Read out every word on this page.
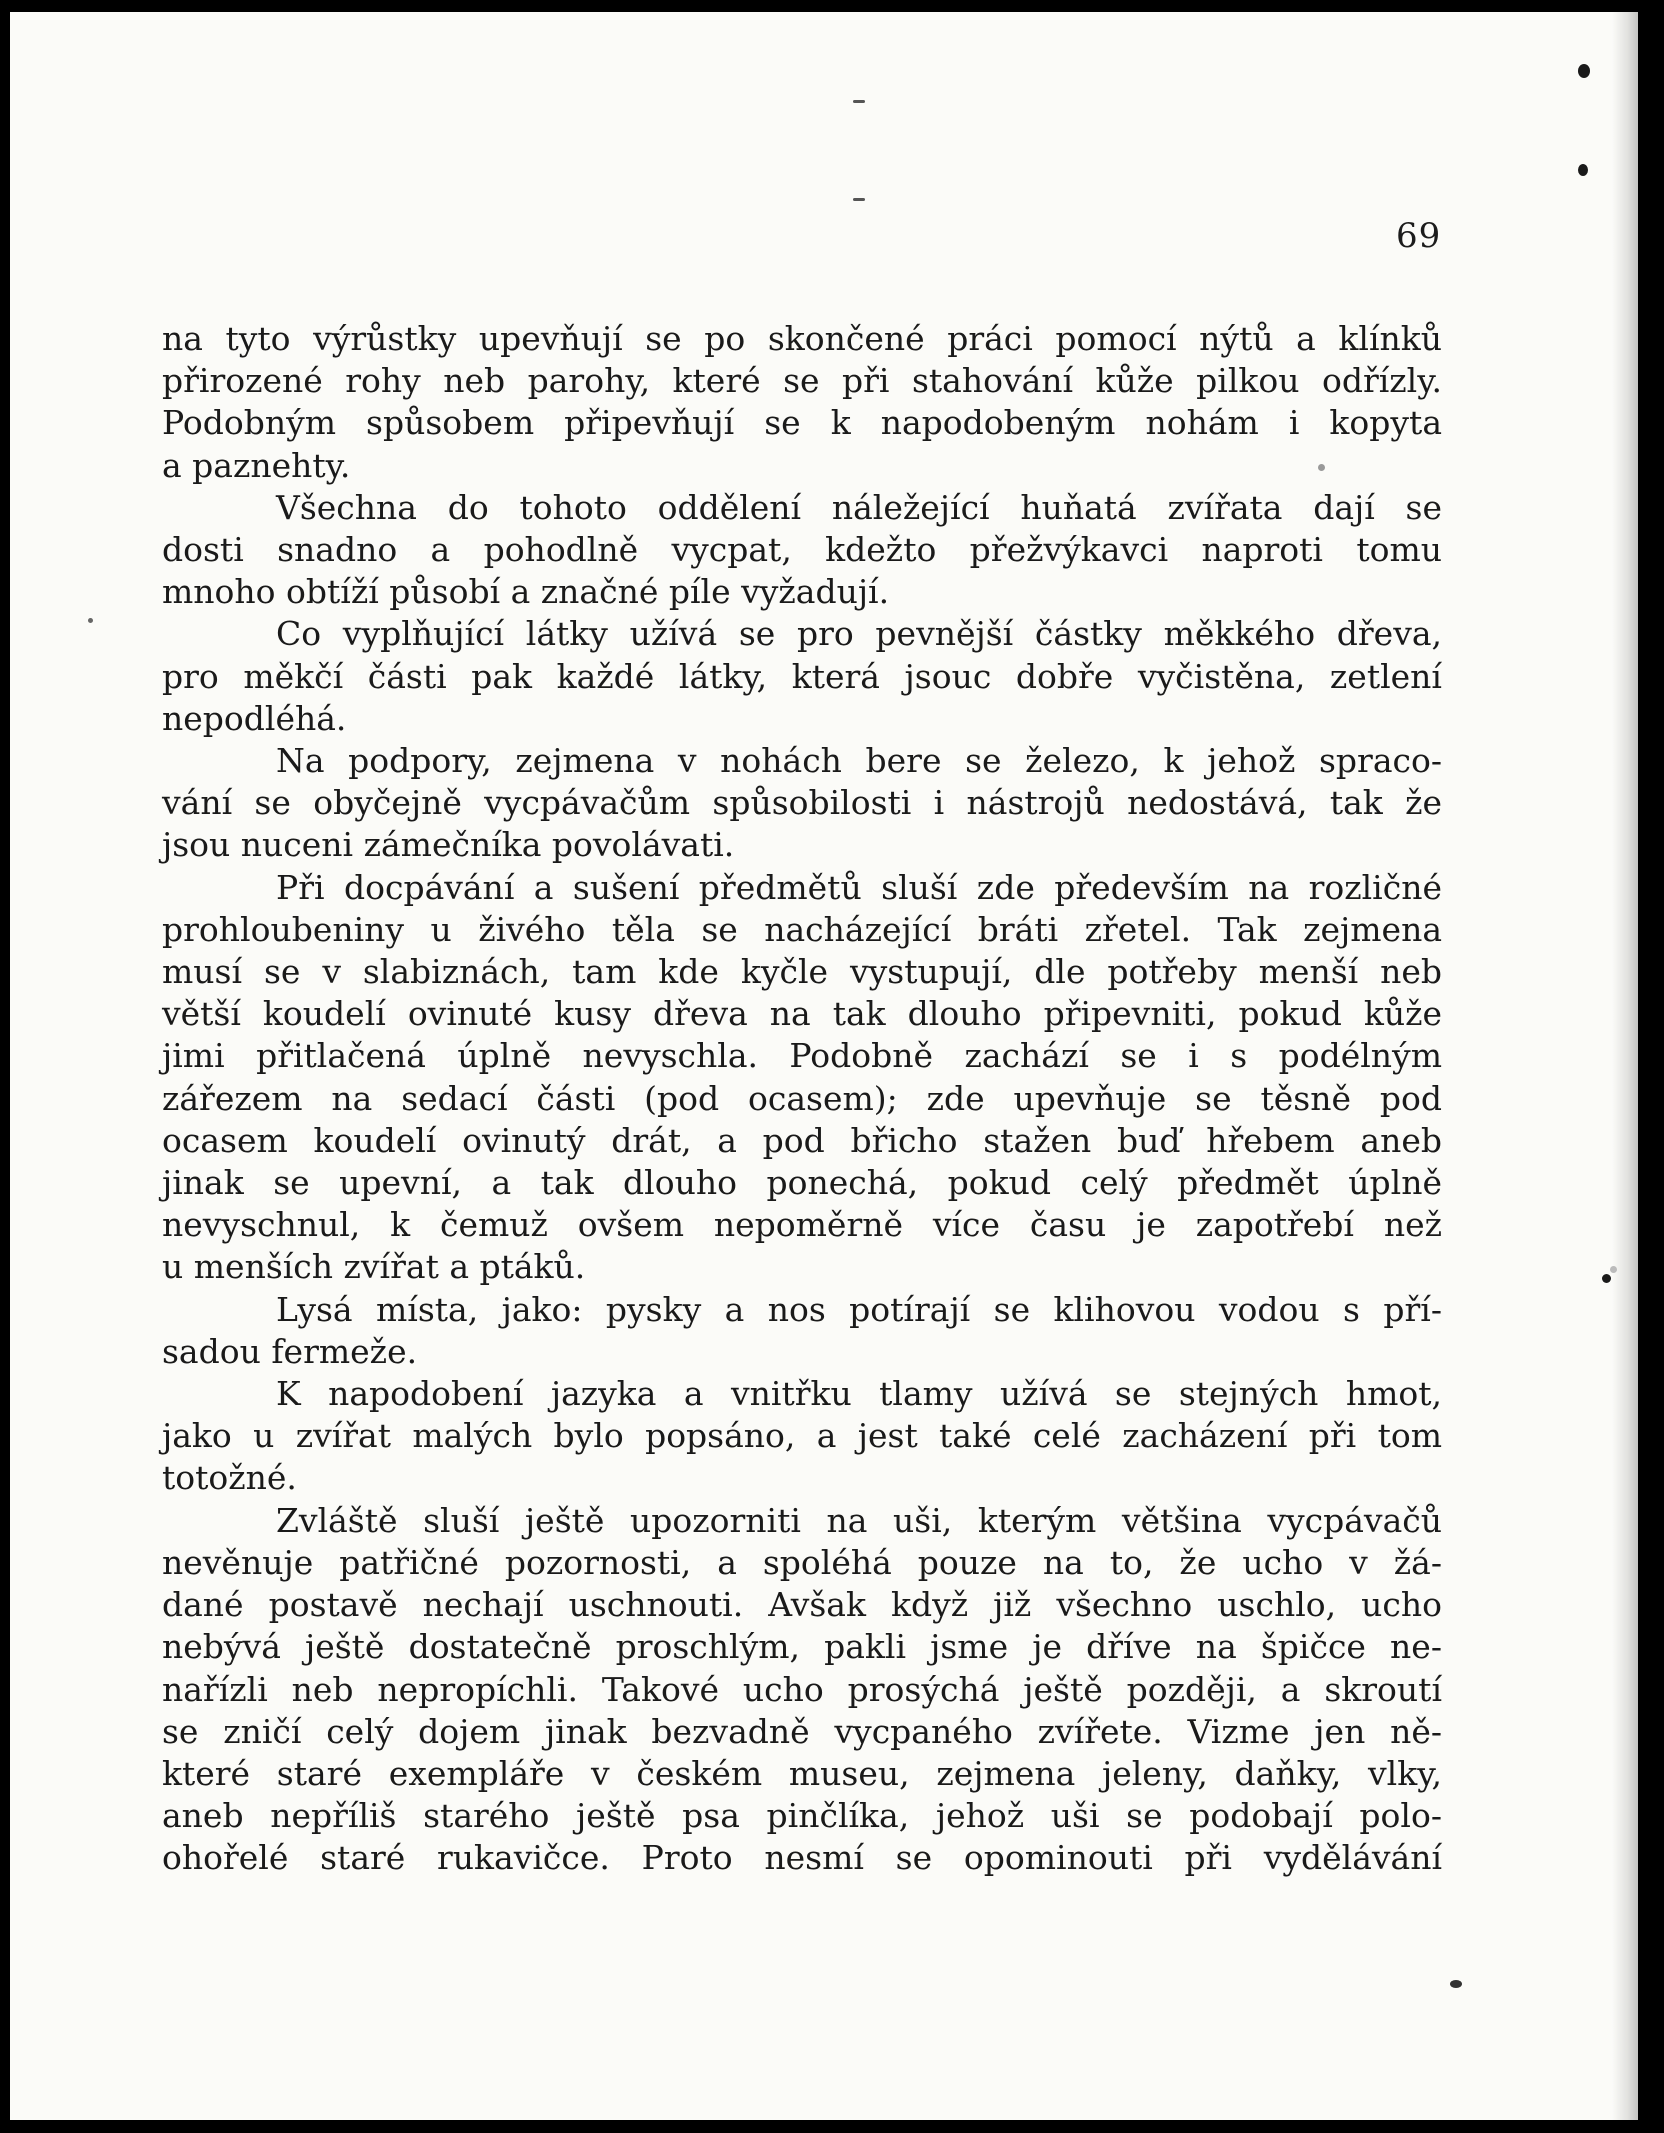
69
na tyto výrůstky upevňují se po skončené práci pomocí nýtů a klínků
přirozené rohy neb parohy, které se při stahování kůže pilkou odřízly.
Podobným spůsobem připevňují se k napodobeným nohám i kopyta
a paznehty.
Všechna do tohoto oddělení náležející huňatá zvířata dají se
dosti snadno a pohodlně vycpat, kdežto přežvýkavci naproti tomu
mnoho obtíží působí a značné píle vyžadují.
Co vyplňující látky užívá se pro pevnější částky měkkého dřeva,
pro měkčí části pak každé látky, která jsouc dobře vyčistěna, zetlení
nepodléhá.
Na podpory, zejmena v nohách bere se železo, k jehož spraco-
vání se obyčejně vycpávačům spůsobilosti i nástrojů nedostává, tak že
jsou nuceni zámečníka povolávati.
Při docpávání a sušení předmětů sluší zde především na rozličné
prohloubeniny u živého těla se nacházející bráti zřetel. Tak zejmena
musí se v slabiznách, tam kde kyčle vystupují, dle potřeby menší neb
větší koudelí ovinuté kusy dřeva na tak dlouho připevniti, pokud kůže
jimi přitlačená úplně nevyschla. Podobně zachází se i s podélným
zářezem na sedací části (pod ocasem); zde upevňuje se těsně pod
ocasem koudelí ovinutý drát, a pod břicho stažen buď hřebem aneb
jinak se upevní, a tak dlouho ponechá, pokud celý předmět úplně
nevyschnul, k čemuž ovšem nepoměrně více času je zapotřebí než
u menších zvířat a ptáků.
Lysá místa, jako: pysky a nos potírají se klihovou vodou s pří-
sadou fermeže.
K napodobení jazyka a vnitřku tlamy užívá se stejných hmot,
jako u zvířat malých bylo popsáno, a jest také celé zacházení při tom
totožné.
Zvláště sluší ještě upozorniti na uši, kterým většina vycpávačů
nevěnuje patřičné pozornosti, a spoléhá pouze na to, že ucho v žá-
dané postavě nechají uschnouti. Avšak když již všechno uschlo, ucho
nebývá ještě dostatečně proschlým, pakli jsme je dříve na špičce ne-
nařízli neb nepropíchli. Takové ucho prosýchá ještě později, a skroutí
se zničí celý dojem jinak bezvadně vycpaného zvířete. Vizme jen ně-
které staré exempláře v českém museu, zejmena jeleny, daňky, vlky,
aneb nepříliš starého ještě psa pinčlíka, jehož uši se podobají polo-
ohořelé staré rukavičce. Proto nesmí se opominouti při vydělávání
